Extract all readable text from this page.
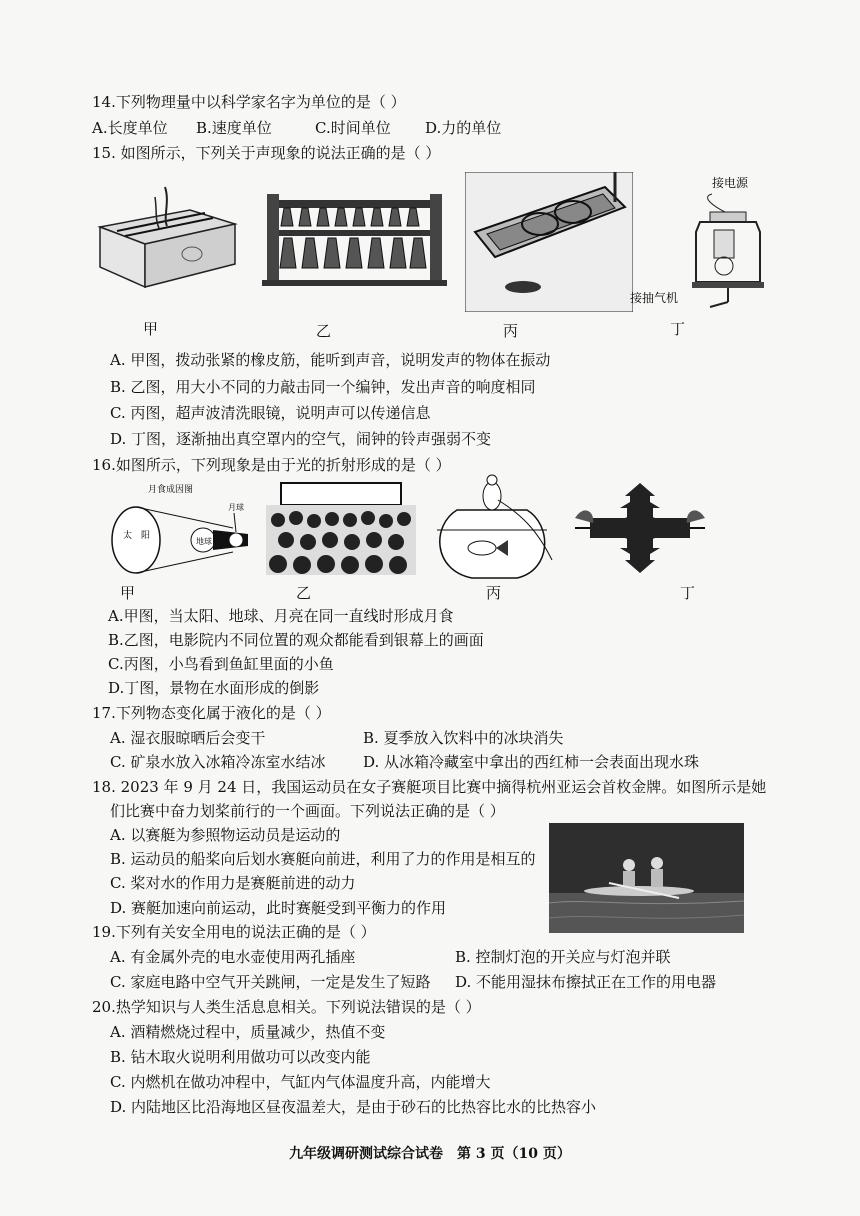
14.下列物理量中以科学家名字为单位的是（ ）
A.长度单位 B.速度单位	C.时间单位 D.力的单位
15. 如图所示，下列关于声现象的说法正确的是（ ）
甲	乙	丙
接电源
接抽气机
丁
A. 甲图，拨动张紧的橡皮筋，能听到声音，说明发声的物体在振动
B. 乙图，用大小不同的力敲击同一个编钟，发出声音的响度相同
C. 丙图，超声波清洗眼镜，说明声可以传递信息
D. 丁图，逐渐抽出真空罩内的空气，闹钟的铃声强弱不变
16.如图所示，下列现象是由于光的折射形成的是（ ）
月食成因图
太　阳
地球
月球
甲	乙	丙	丁
A.甲图，当太阳、地球、月亮在同一直线时形成月食
B.乙图，电影院内不同位置的观众都能看到银幕上的画面
C.丙图，小鸟看到鱼缸里面的小鱼
D.丁图，景物在水面形成的倒影
17.下列物态变化属于液化的是（ ）
A. 湿衣服晾晒后会变干	B. 夏季放入饮料中的冰块消失
C. 矿泉水放入冰箱冷冻室水结冰	D. 从冰箱冷藏室中拿出的西红柿一会表面出现水珠
18. 2023 年 9 月 24 日，我国运动员在女子赛艇项目比赛中摘得杭州亚运会首枚金牌。如图所示是她
们比赛中奋力划桨前行的一个画面。下列说法正确的是（ ）
A. 以赛艇为参照物运动员是运动的
B. 运动员的船桨向后划水赛艇向前进，利用了力的作用是相互的
C. 桨对水的作用力是赛艇前进的动力
D. 赛艇加速向前运动，此时赛艇受到平衡力的作用
19.下列有关安全用电的说法正确的是（ ）
A. 有金属外壳的电水壶使用两孔插座	B. 控制灯泡的开关应与灯泡并联
C. 家庭电路中空气开关跳闸，一定是发生了短路 D. 不能用湿抹布擦拭正在工作的用电器
20.热学知识与人类生活息息相关。下列说法错误的是（ ）
A. 酒精燃烧过程中，质量减少，热值不变
B. 钻木取火说明利用做功可以改变内能
C. 内燃机在做功冲程中，气缸内气体温度升高，内能增大
D. 内陆地区比沿海地区昼夜温差大，是由于砂石的比热容比水的比热容小
九年级调研测试综合试卷　第 3 页（10 页）
